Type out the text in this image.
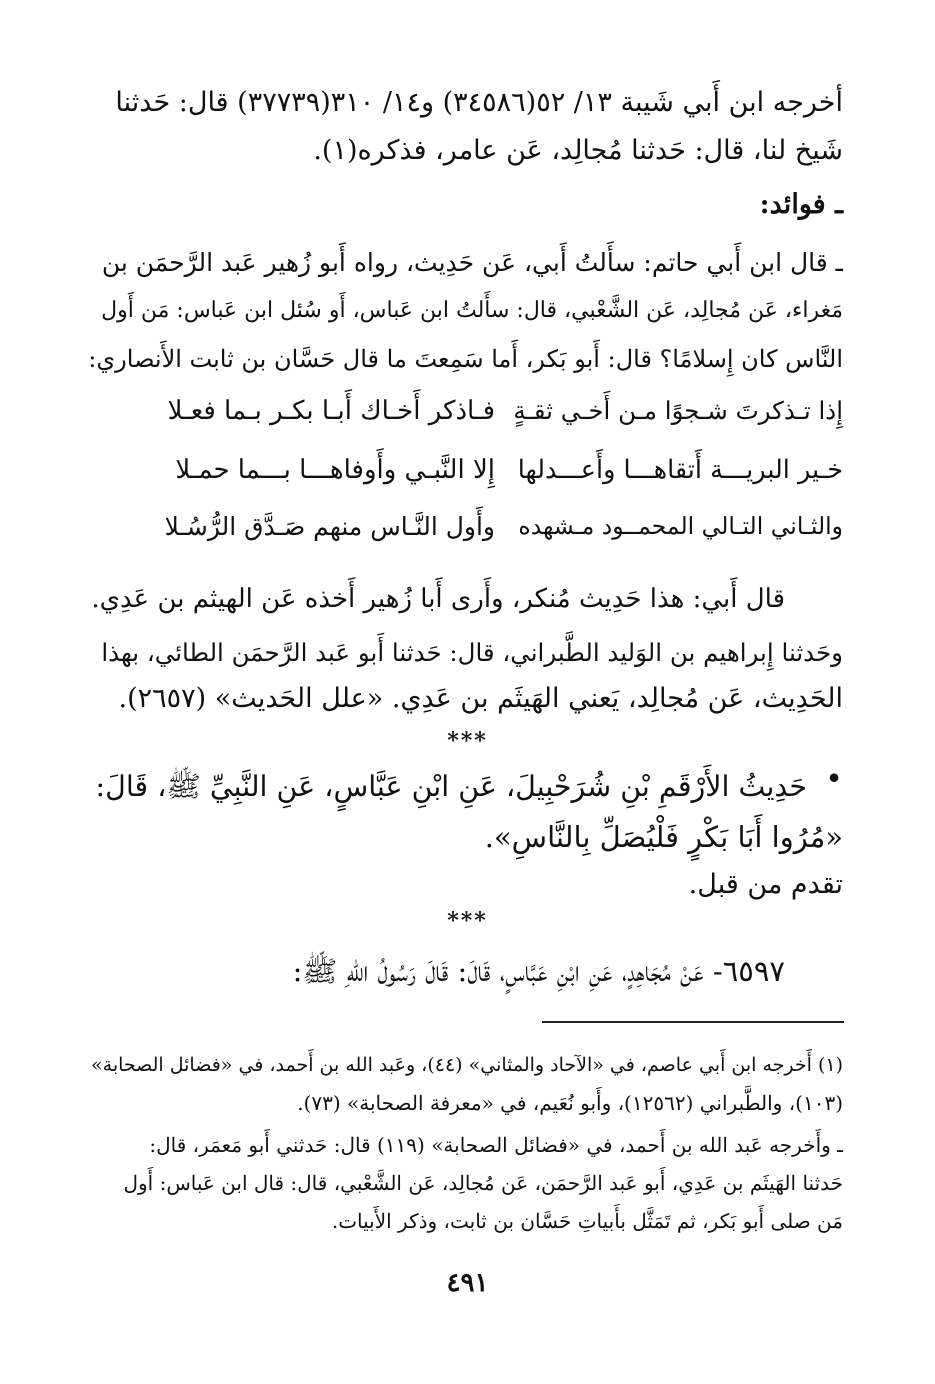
أخرجه ابن أَبي شَيبة ١٣/ ٥٢(٣٤٥٨٦) و١٤/ ٣١٠(٣٧٧٣٩) قال: حَدثنا
شَيخ لنا، قال: حَدثنا مُجالِد، عَن عامر، فذكره(١).
ـ فوائد:
ـ قال ابن أَبي حاتم: سأَلتُ أَبي، عَن حَدِيث، رواه أَبو زُهير عَبد الرَّحمَن بن
مَغراء، عَن مُجالِد، عَن الشَّعْبي، قال: سأَلتُ ابن عَباس، أَو سُئل ابن عَباس: مَن أَول
النَّاس كان إِسلامًا؟ قال: أَبو بَكر، أَما سَمِعتَ ما قال حَسَّان بن ثابت الأَنصاري:
إِذا تـذكرتَ شـجوًا مـن أَخـي ثقـةٍ
فـاذكر أَخـاك أَبـا بكـر بـما فعـلا
خـير البريـــة أَتقاهـــا وأَعـــدلها
إِلا النَّبـي وأَوفاهـــا بـــما حمـلا
والثـاني التـالي المحمــود مـشهده
وأَول النَّـاس منهم صَـدَّق الرُّسُـلا
قال أَبي: هذا حَدِيث مُنكر، وأَرى أَبا زُهير أَخذه عَن الهيثم بن عَدِي.
وحَدثنا إِبراهيم بن الوَليد الطَّبراني، قال: حَدثنا أَبو عَبد الرَّحمَن الطائي، بهذا
الحَدِيث، عَن مُجالِد، يَعني الهَيثَم بن عَدِي. «علل الحَديث» (٢٦٥٧).
***
•
حَدِيثُ الأَرْقَمِ بْنِ شُرَحْبِيلَ، عَنِ ابْنِ عَبَّاسٍ، عَنِ النَّبِيِّ ﷺ، قَالَ:
«مُرُوا أَبَا بَكْرٍ فَلْيُصَلِّ بِالنَّاسِ».
تقدم من قبل.
***
٦٥٩٧- عَنْ مُجَاهِدٍ، عَنِ ابْنِ عَبَّاسٍ، قَالَ: قَالَ رَسُولُ اللهِ ﷺ:
(١) أَخرجه ابن أَبي عاصم، في «الآحاد والمثاني» (٤٤)، وعَبد الله بن أَحمد، في «فضائل الصحابة»
(١٠٣)، والطَّبراني (١٢٥٦٢)، وأَبو نُعَيم، في «معرفة الصحابة» (٧٣).
ـ وأَخرجه عَبد الله بن أَحمد، في «فضائل الصحابة» (١١٩) قال: حَدثني أَبو مَعمَر، قال:
حَدثنا الهَيثَم بن عَدِي، أَبو عَبد الرَّحمَن، عَن مُجالِد، عَن الشَّعْبي، قال: قال ابن عَباس: أَول
مَن صلى أَبو بَكر، ثم تَمَثَّل بأَبياتِ حَسَّان بن ثابت، وذكر الأَبيات.
٤٩١
